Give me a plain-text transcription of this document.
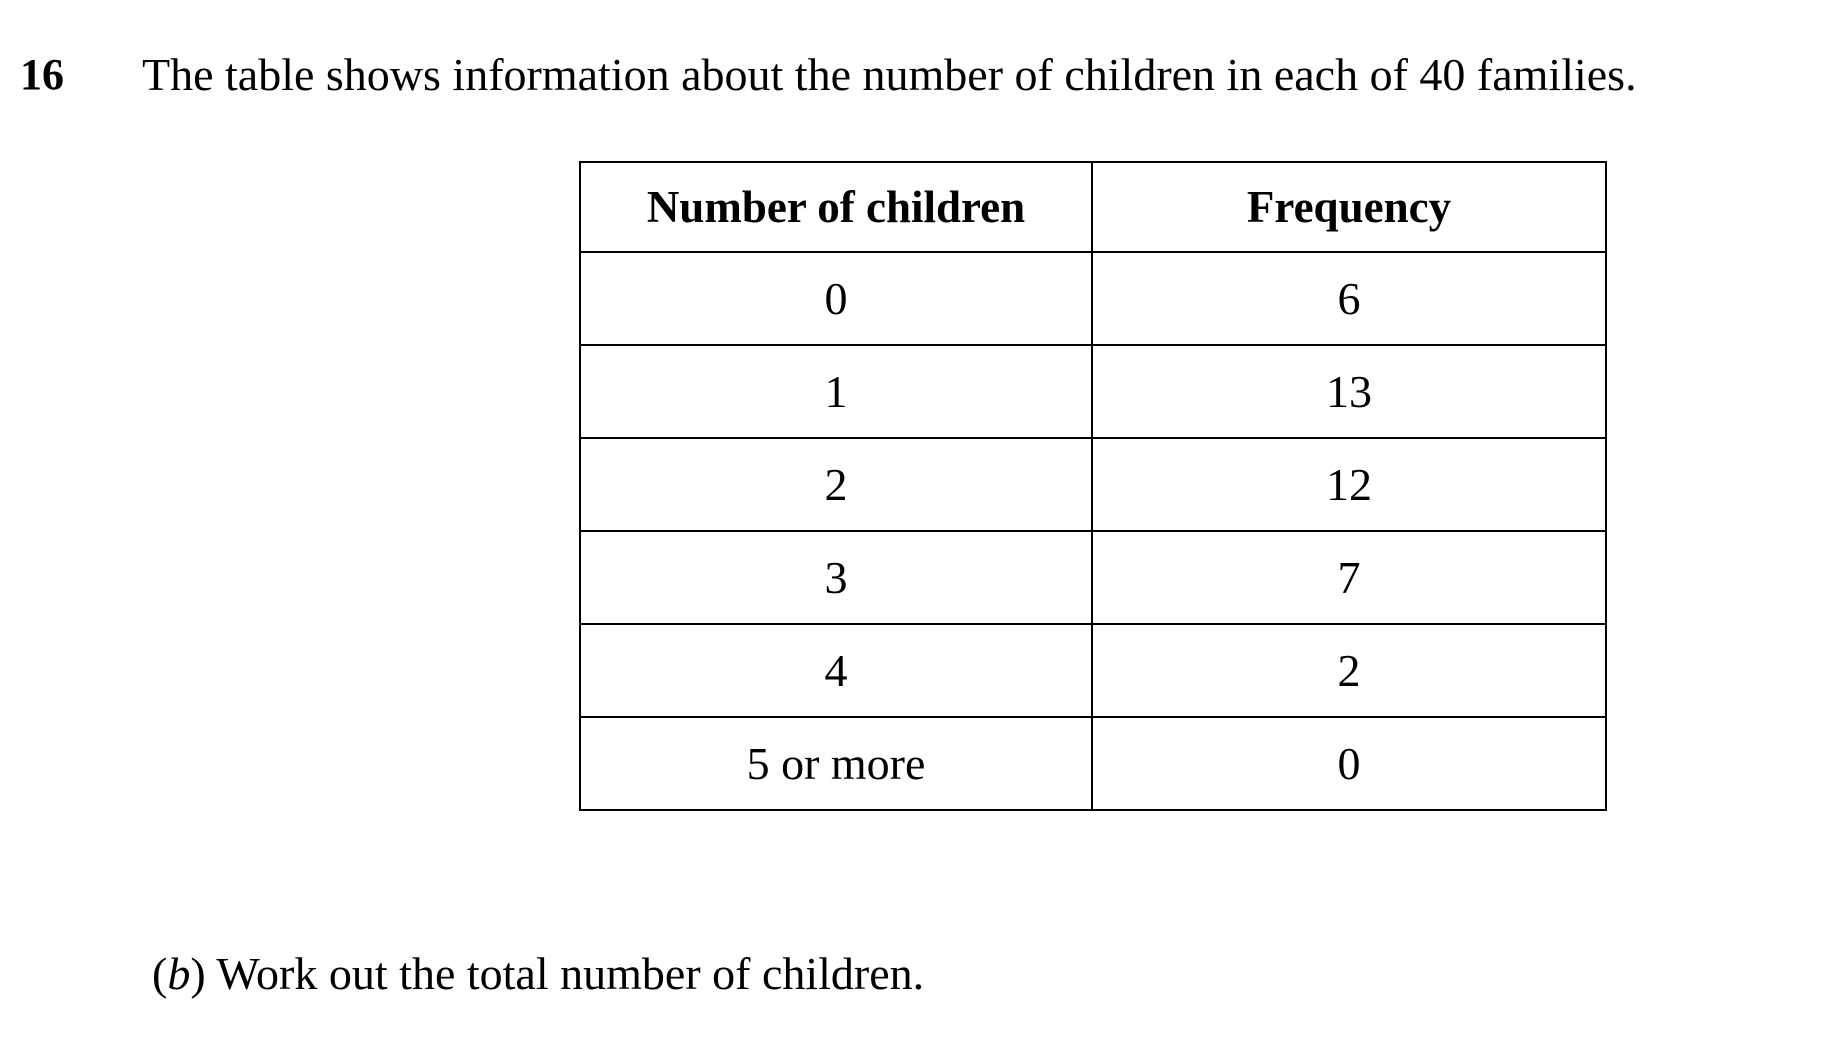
16 The table shows information about the number of children in each of 40 families.
Number of children	Frequency
0	6
1	13
2	12
3	7
4	2
5 or more	0
(b) Work out the total number of children.
